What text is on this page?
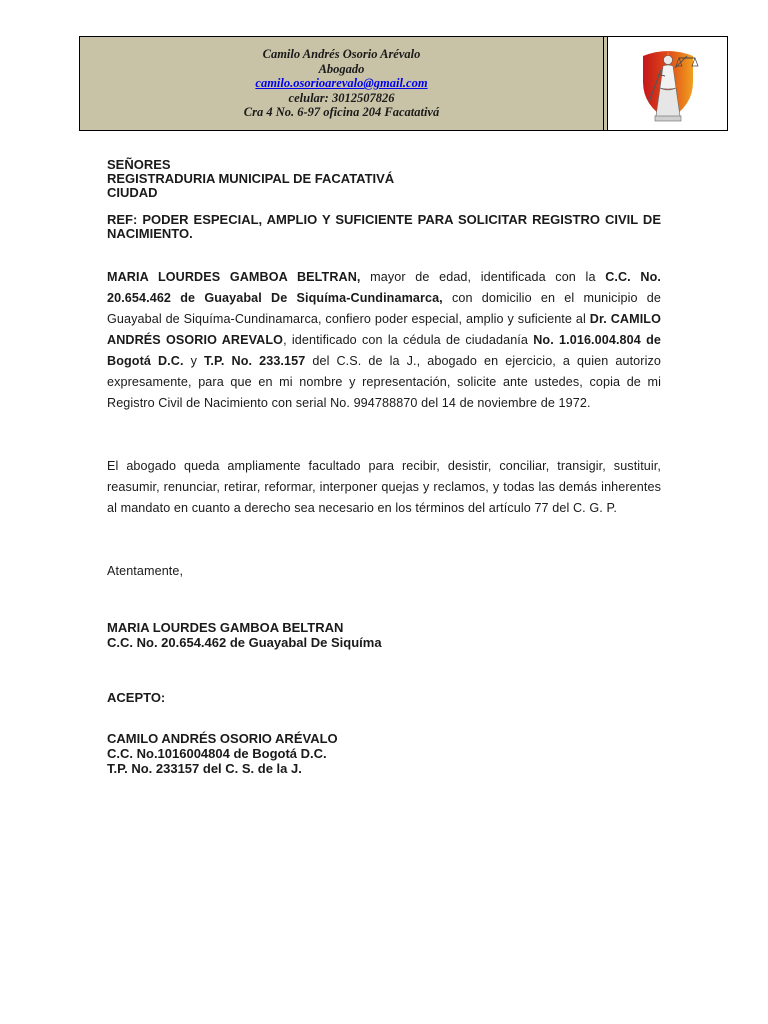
Camilo Andrés Osorio Arévalo
Abogado
camilo.osorioarevalo@gmail.com
celular: 3012507826
Cra 4 No. 6-97 oficina 204 Facatativá
SEÑORES
REGISTRADURIA MUNICIPAL DE FACATATIVÁ
CIUDAD
REF: PODER ESPECIAL, AMPLIO Y SUFICIENTE PARA SOLICITAR REGISTRO CIVIL DE NACIMIENTO.
MARIA LOURDES GAMBOA BELTRAN, mayor de edad, identificada con la C.C. No. 20.654.462 de Guayabal De Siquíma-Cundinamarca, con domicilio en el municipio de Guayabal de Siquíma-Cundinamarca, confiero poder especial, amplio y suficiente al Dr. CAMILO ANDRÉS OSORIO AREVALO, identificado con la cédula de ciudadanía No. 1.016.004.804 de Bogotá D.C. y T.P. No. 233.157 del C.S. de la J., abogado en ejercicio, a quien autorizo expresamente, para que en mi nombre y representación, solicite ante ustedes, copia de mi Registro Civil de Nacimiento con serial No. 994788870 del 14 de noviembre de 1972.
El abogado queda ampliamente facultado para recibir, desistir, conciliar, transigir, sustituir, reasumir, renunciar, retirar, reformar, interponer quejas y reclamos, y todas las demás inherentes al mandato en cuanto a derecho sea necesario en los términos del artículo 77 del C. G. P.
Atentamente,
MARIA LOURDES GAMBOA BELTRAN
C.C. No. 20.654.462 de Guayabal De Siquíma
ACEPTO:
CAMILO ANDRÉS OSORIO ARÉVALO
C.C. No.1016004804 de Bogotá D.C.
T.P. No. 233157 del C. S. de la J.
